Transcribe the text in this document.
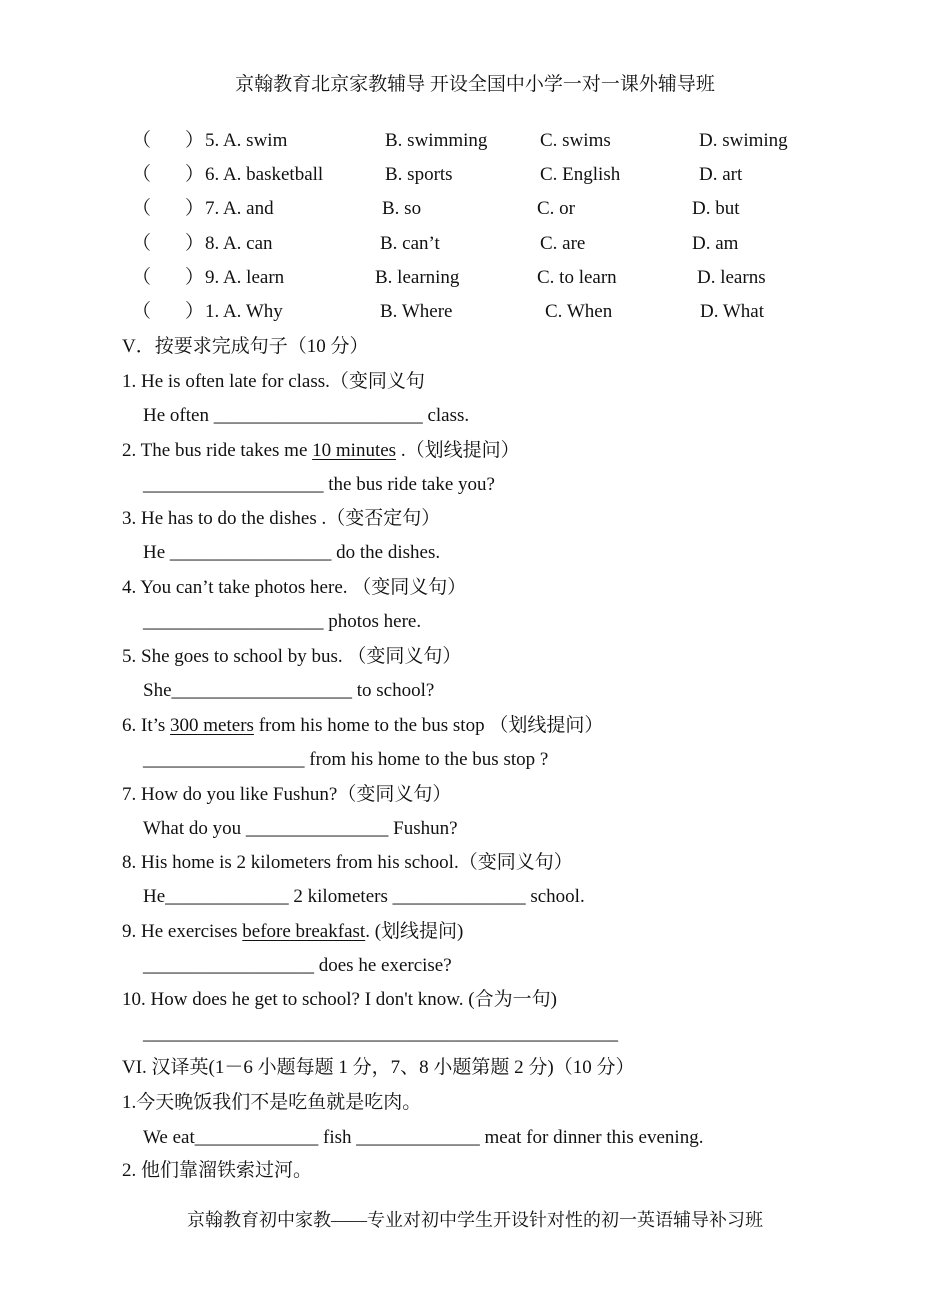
京翰教育北京家教辅导 开设全国中小学一对一课外辅导班
（ ） 5. A. swim	B. swimming	C. swims	D. swiming
（ ） 6. A. basketball	B. sports	C. English	D. art
（ ） 7. A. and	B. so	C. or	D. but
（ ） 8. A. can	B. can’t	C. are	D. am
（ ） 9. A. learn	B. learning	C. to learn	D. learns
（ ） 1. A. Why	B. Where	C. When	D. What
V．按要求完成句子（10 分）
1. He is often late for class.（变同义句
He often ______________________ class.
2. The bus ride takes me 10 minutes .（划线提问）
___________________ the bus ride take you?
3. He has to do the dishes .（变否定句）
He _________________ do the dishes.
4. You can’t take photos here. （变同义句）
___________________ photos here.
5. She goes to school by bus. （变同义句）
She___________________ to school?
6. It’s 300 meters from his home to the bus stop （划线提问）
_________________ from his home to the bus stop ?
7. How do you like Fushun?（变同义句）
What do you _______________ Fushun?
8. His home is 2 kilometers from his school.（变同义句）
He_____________ 2 kilometers ______________ school.
9. He exercises before breakfast. (划线提问)
__________________ does he exercise?
10. How does he get to school? I don't know. (合为一句)
__________________________________________________
VI. 汉译英(1－6 小题每题 1 分，7、8 小题第题 2 分)（10 分）
1.今天晚饭我们不是吃鱼就是吃肉。
We eat_____________ fish _____________ meat for dinner this evening.
2. 他们靠溜铁索过河。
京翰教育初中家教——专业对初中学生开设针对性的初一英语辅导补习班
